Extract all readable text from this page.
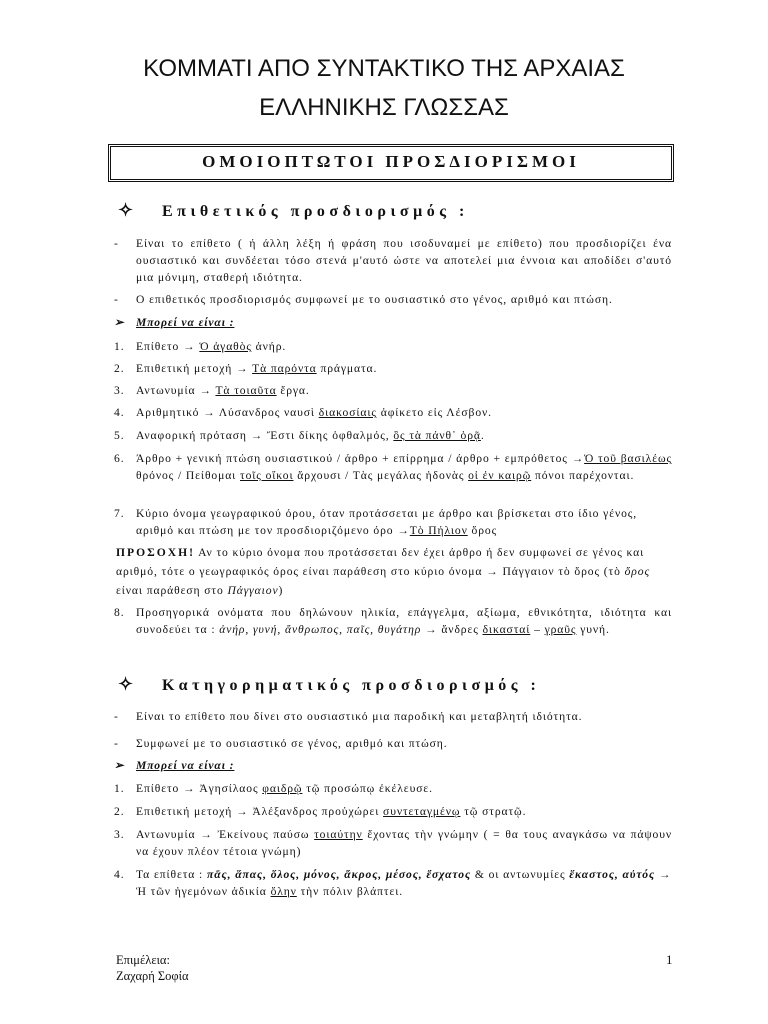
ΚΟΜΜΑΤΙ ΑΠΟ ΣΥΝΤΑΚΤΙΚΟ ΤΗΣ ΑΡΧΑΙΑΣ
ΕΛΛΗΝΙΚΗΣ ΓΛΩΣΣΑΣ
ΟΜΟΙΟΠΤΩΤΟΙ ΠΡΟΣΔΙΟΡΙΣΜΟΙ
✧ Επιθετικός προσδιορισμός :
-	Είναι το επίθετο ( ή άλλη λέξη ή φράση που ισοδυναμεί με επίθετο) που προσδιορίζει ένα ουσιαστικό και συνδέεται τόσο στενά μ'αυτό ώστε να αποτελεί μια έννοια και αποδίδει σ'αυτό μια μόνιμη, σταθερή ιδιότητα.
-	Ο επιθετικός προσδιορισμός συμφωνεί με το ουσιαστικό στο γένος, αριθμό και πτώση.
➢ Μπορεί να είναι :
1. Επίθετο → Ὁ ἀγαθὸς ἀνήρ.
2. Επιθετική μετοχή → Τὰ παρόντα πράγματα.
3. Αντωνυμία → Τὰ τοιαῦτα ἔργα.
4. Αριθμητικό → Λύσανδρος ναυσὶ διακοσίαις ἀφίκετο εἰς Λέσβον.
5. Αναφορική πρόταση → Ἔστι δίκης ὀφθαλμός, ὃς τὰ πάνθ᾽ ὁρᾷ.
6. Άρθρο + γενική πτώση ουσιαστικού / άρθρο + επίρρημα / άρθρο + εμπρόθετος →Ὁ τοῦ βασιλέως θρόνος / Πείθομαι τοῖς οἴκοι ἄρχουσι / Τὰς μεγάλας ἡδονὰς οἱ ἐν καιρῷ πόνοι παρέχονται.
7. Κύριο όνομα γεωγραφικού όρου, όταν προτάσσεται με άρθρο και βρίσκεται στο ίδιο γένος, αριθμό και πτώση με τον προσδιοριζόμενο όρο →Τὸ Πήλιον ὄρος
ΠΡΟΣΟΧΗ! Αν το κύριο όνομα που προτάσσεται δεν έχει άρθρο ή δεν συμφωνεί σε γένος και αριθμό, τότε ο γεωγραφικός όρος είναι παράθεση στο κύριο όνομα → Πάγγαιον τὸ ὄρος (τὸ ὄρος είναι παράθεση στο Πάγγαιον)
8. Προσηγορικά ονόματα που δηλώνουν ηλικία, επάγγελμα, αξίωμα, εθνικότητα, ιδιότητα και συνοδεύει τα : ἀνήρ, γυνή, ἄνθρωπος, παῖς, θυγάτηρ → ἄνδρες δικασταί – γραῦς γυνή.
✧ Κατηγορηματικός προσδιορισμός :
-	Είναι το επίθετο που δίνει στο ουσιαστικό μια παροδική και μεταβλητή ιδιότητα.
-	Συμφωνεί με το ουσιαστικό σε γένος, αριθμό και πτώση.
➢ Μπορεί να είναι :
1. Επίθετο → Ἀγησίλαος φαιδρῷ τῷ προσώπῳ ἐκέλευσε.
2. Επιθετική μετοχή → Ἀλέξανδρος προὐχώρει συντεταγμένῳ τῷ στρατῷ.
3. Αντωνυμία → Ἐκείνους παύσω τοιαύτην ἔχοντας τὴν γνώμην ( = θα τους αναγκάσω να πάψουν να έχουν πλέον τέτοια γνώμη)
4. Τα επίθετα : πᾶς, ἅπας, ὅλος, μόνος, ἄκρος, μέσος, ἔσχατος & οι αντωνυμίες ἕκαστος, αὐτός → Ἡ τῶν ἡγεμόνων ἀδικία ὅλην τὴν πόλιν βλάπτει.
Επιμέλεια:
Ζαχαρή Σοφία
1
